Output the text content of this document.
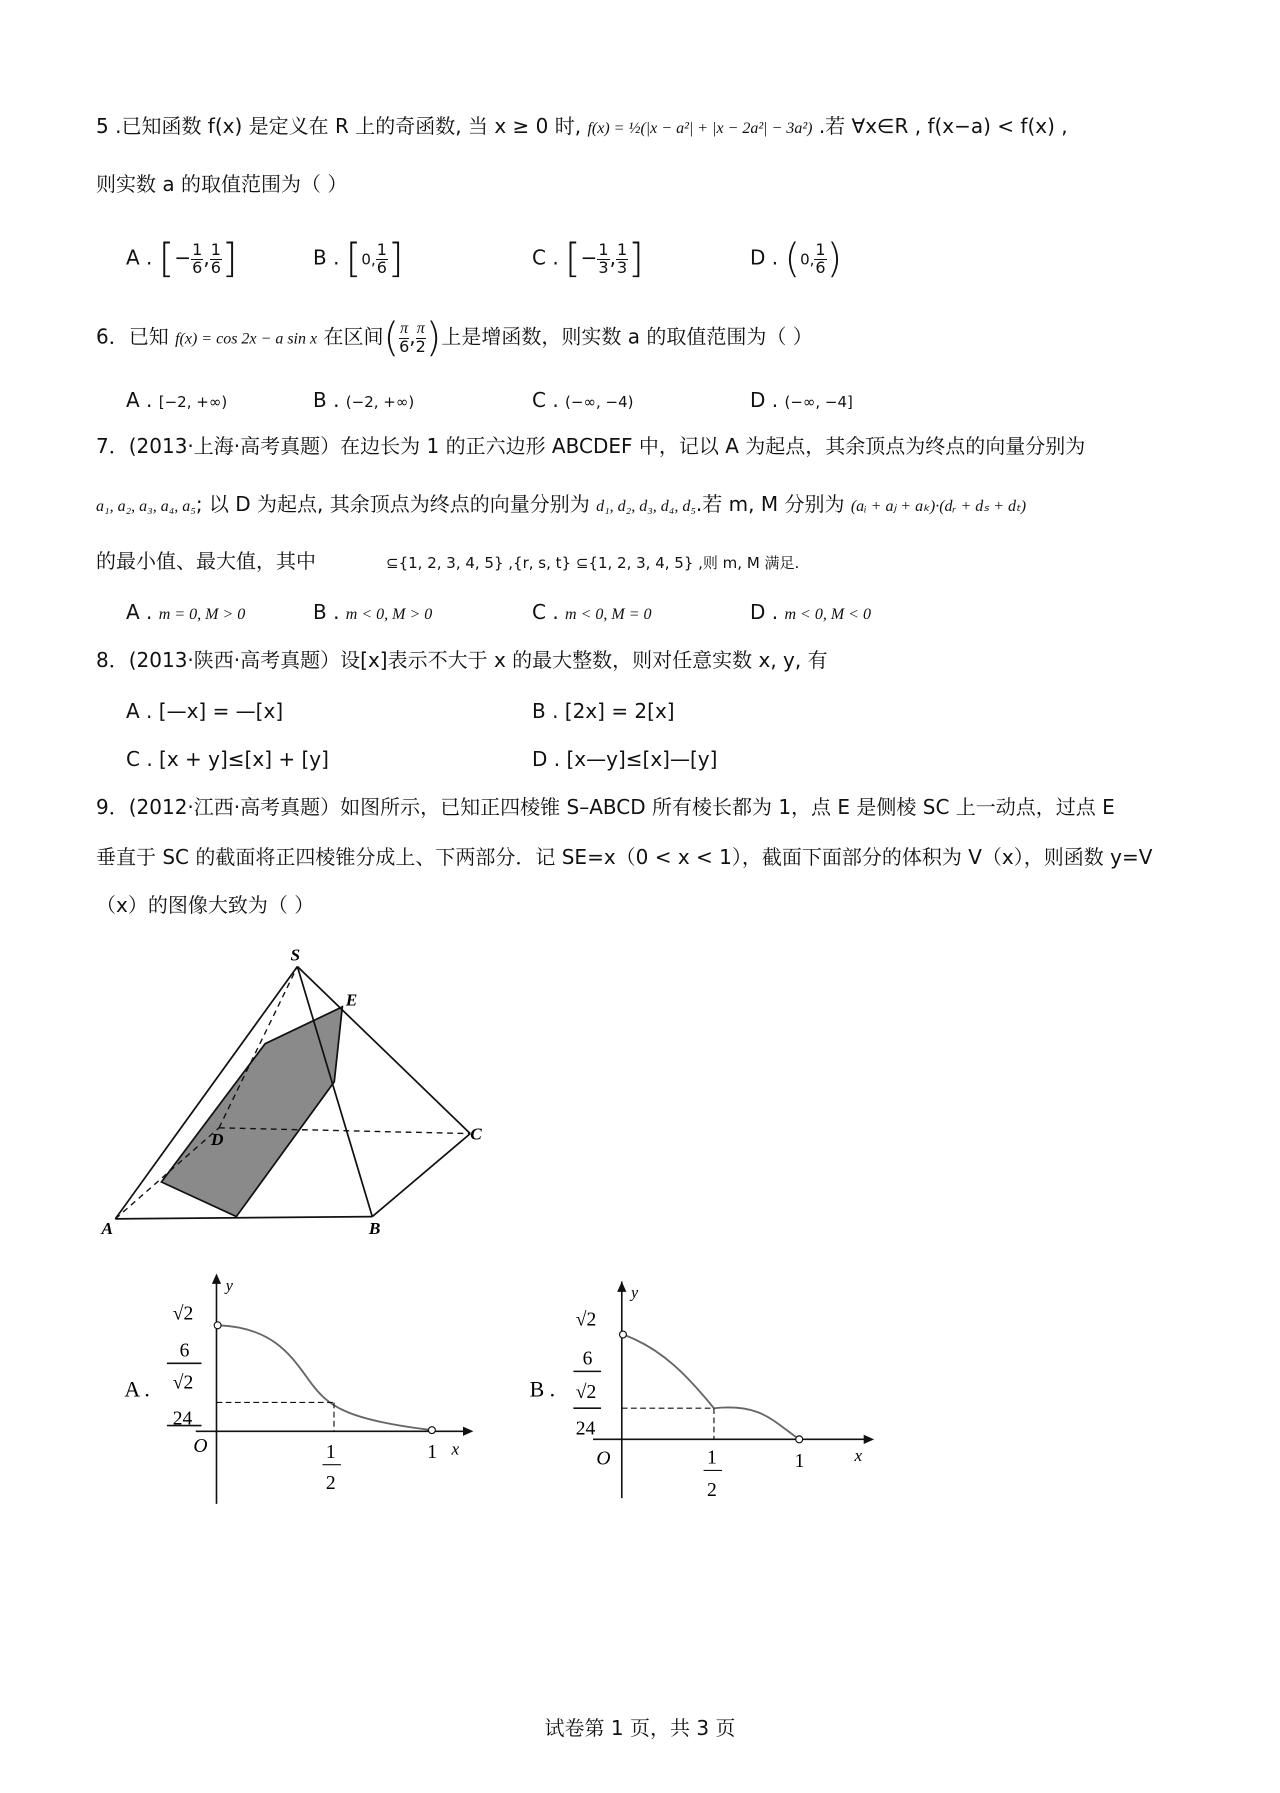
5 .已知函数 f(x) 是定义在 R 上的奇函数, 当 x ≥ 0 时, f(x) = ½(|x − a²| + |x − 2a²| − 3a²) .若 ∀x∈R , f(x−a) < f(x) ,
则实数 a 的取值范围为（ ）
A . [− $\frac{1}{6}$ , $\frac{1}{6}$ ]	B . [0, $\frac{1}{6}$ ]	C . [− $\frac{1}{3}$ , $\frac{1}{3}$ ]	D . (0, $\frac{1}{6}$ )
6．已知 f(x) = cos 2x − a sin x 在区间( $\frac{\pi}{6}$ , $\frac{\pi}{2}$ )上是增函数，则实数 a 的取值范围为（ ）
A . [−2, +∞)	B . (−2, +∞)	C . (−∞, −4)	D . (−∞, −4]
7．(2013·上海·高考真题）在边长为 1 的正六边形 ABCDEF 中，记以 A 为起点，其余顶点为终点的向量分别为
a₁, a₂, a₃, a₄, a₅; 以 D 为起点, 其余顶点为终点的向量分别为 d₁, d₂, d₃, d₄, d₅.若 m, M 分别为 (aᵢ + aⱼ + aₖ)·(dᵣ + dₛ + dₜ)
的最小值、最大值，其中	⊆{1, 2, 3, 4, 5} ,{r, s, t} ⊆{1, 2, 3, 4, 5} ,则 m, M 满足.
A . m = 0, M > 0	B . m < 0, M > 0	C . m < 0, M = 0	D . m < 0, M < 0
8．(2013·陕西·高考真题）设[x]表示不大于 x 的最大整数，则对任意实数 x, y, 有
A . [—x] = —[x]	B . [2x] = 2[x]
C . [x + y]≤[x] + [y]	D . [x—y]≤[x]—[y]
9．(2012·江西·高考真题）如图所示，已知正四棱锥 S–ABCD 所有棱长都为 1，点 E 是侧棱 SC 上一动点，过点 E
垂直于 SC 的截面将正四棱锥分成上、下两部分．记 SE=x（0 < x < 1），截面下面部分的体积为 V（x），则函数 y=V
（x）的图像大致为（ ）
S
E
A	B
C
D
A .
y
√2
6
√2
24
O	1
2
1 x
B .
y
√2
6
√2
24
O	1
2
1	x
试卷第 1 页，共 3 页
